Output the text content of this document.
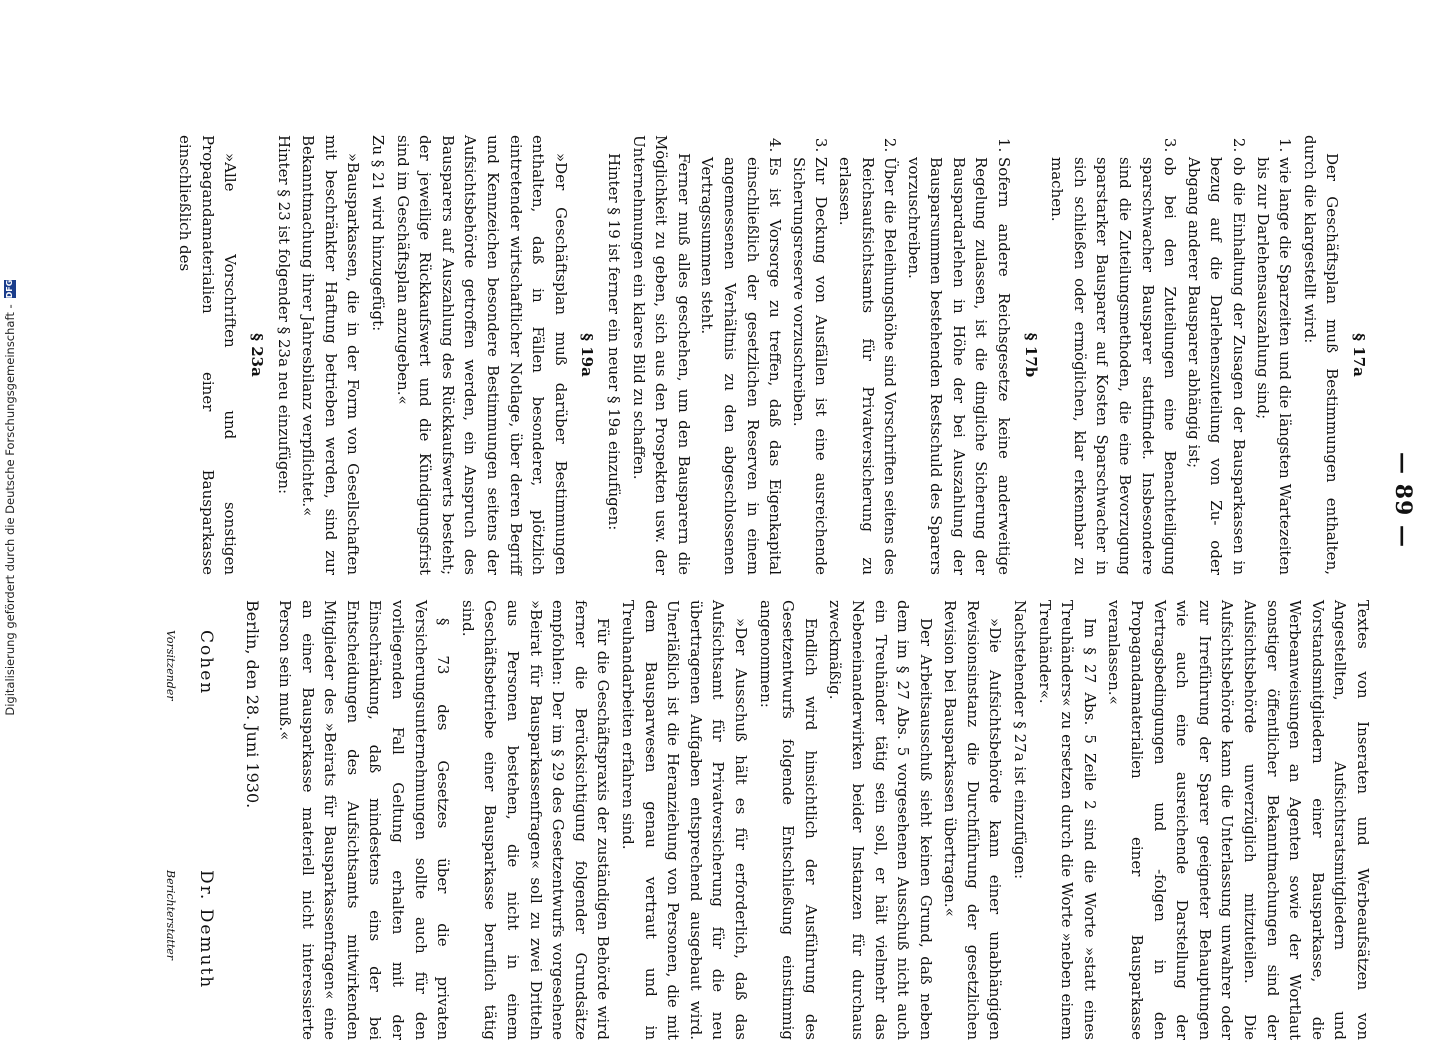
— 89 —
§ 17a

Der Geschäftsplan muß Bestimmungen enthalten, durch die klargestellt wird:

1. wie lange die Sparzeiten und die längsten Wartezeiten bis zur Darlehensauszahlung sind;
2. ob die Einhaltung der Zusagen der Bausparkassen in bezug auf die Darlehenszuteilung von Zu- oder Abgang anderer Bausparer abhängig ist;
3. ob bei den Zuteilungen eine Benachteiligung sparschwacher Bausparer stattfindet. Insbesondere sind die Zuteilungsmethoden, die eine Bevorzugung sparstarker Bausparer auf Kosten Sparschwacher in sich schließen oder ermöglichen, klar erkennbar zu machen.
§ 17b
1. Sofern andere Reichsgesetze keine anderweitige Regelung zulassen, ist die dingliche Sicherung der Bauspardarlehen in Höhe der bei Auszahlung der Bausparsummen bestehenden Restschuld des Sparers vorzuschreiben.
2. Über die Beleihungshöhe sind Vorschriften seitens des Reichsaufsichtsamts für Privatversicherung zu erlassen.
3. Zur Deckung von Ausfällen ist eine ausreichende Sicherungsreserve vorzuschreiben.
4. Es ist Vorsorge zu treffen, daß das Eigenkapital einschließlich der gesetzlichen Reserven in einem angemessenen Verhältnis zu den abgeschlossenen Vertragssummen steht.

Ferner muß alles geschehen, um den Bausparern die Möglichkeit zu geben, sich aus den Prospekten usw. der Unternehmungen ein klares Bild zu schaffen.

Hinter § 19 ist ferner ein neuer § 19a einzufügen:

§ 19a

»Der Geschäftsplan muß darüber Bestimmungen enthalten, daß in Fällen besonderer, plötzlich eintretender wirtschaftlicher Notlage, über deren Begriff und Kennzeichen besondere Bestimmungen seitens der Aufsichtsbehörde getroffen werden, ein Anspruch des Bausparers auf Auszahlung des Rückkaufswerts besteht; der jeweilige Rückkaufswert und die Kündigungsfrist sind im Geschäftsplan anzugeben.«

Zu § 21 wird hinzugefügt:

»Bausparkassen, die in der Form von Gesellschaften mit beschränkter Haftung betrieben werden, sind zur Bekanntmachung ihrer Jahresbilanz verpflichtet.«

Hinter § 23 ist folgender § 23a neu einzufügen:

§ 23a

»Alle Vorschriften und sonstigen Propagandamaterialien einer Bausparkasse einschließlich des

Textes von Inseraten und Werbeaufsätzen von Angestellten, Aufsichtsratsmitgliedern und Vorstandsmitgliedern einer Bausparkasse, die Werbeanweisungen an Agenten sowie der Wortlaut sonstiger öffentlicher Bekanntmachungen sind der Aufsichtsbehörde unverzüglich mitzuteilen. Die Aufsichtsbehörde kann die Unterlassung unwahrer oder zur Irreführung der Sparer geeigneter Behauptungen wie auch eine ausreichende Darstellung der Vertragsbedingungen und -folgen in den Propagandamaterialien einer Bausparkasse veranlassen.«

Im § 27 Abs. 5 Zeile 2 sind die Worte »statt eines Treuhänders« zu ersetzen durch die Worte »neben einem Treuhänder«.

Nachstehender § 27a ist einzufügen:

»Die Aufsichtsbehörde kann einer unabhängigen Revisionsinstanz die Durchführung der gesetzlichen Revision bei Bausparkassen übertragen.«

Der Arbeitsausschuß sieht keinen Grund, daß neben dem im § 27 Abs. 5 vorgesehenen Ausschuß nicht auch ein Treuhänder tätig sein soll, er hält vielmehr das Nebeneinanderwirken beider Instanzen für durchaus zweckmäßig.

Endlich wird hinsichtlich der Ausführung des Gesetzentwurfs folgende Entschließung einstimmig angenommen:

»Der Ausschuß hält es für erforderlich, daß das Aufsichtsamt für Privatversicherung für die neu übertragenen Aufgaben entsprechend ausgebaut wird. Unerläßlich ist die Heranziehung von Personen, die mit dem Bausparwesen genau vertraut und in Treuhandarbeiten erfahren sind.

Für die Geschäftspraxis der zuständigen Behörde wird ferner die Berücksichtigung folgender Grundsätze empfohlen: Der im § 29 des Gesetzentwurfs vorgesehene »Beirat für Bausparkassenfragen« soll zu zwei Dritteln aus Personen bestehen, die nicht in einem Geschäftsbetriebe einer Bausparkasse beruflich tätig sind.

§ 73 des Gesetzes über die privaten Versicherungsunternehmungen sollte auch für den vorliegenden Fall Geltung erhalten mit der Einschränkung, daß mindestens eins der bei Entscheidungen des Aufsichtsamts mitwirkenden Mitglieder des »Beirats für Bausparkassenfragen« eine an einer Bausparkasse materiell nicht interessierte Person sein muß.«

Berlin, den 28. Juni 1930.
Cohen
Vorsitzender
Dr. Demuth
Berichterstatter
Digitalisierung gefördert durch die Deutsche Forschungsgemeinschaft -
DFG
